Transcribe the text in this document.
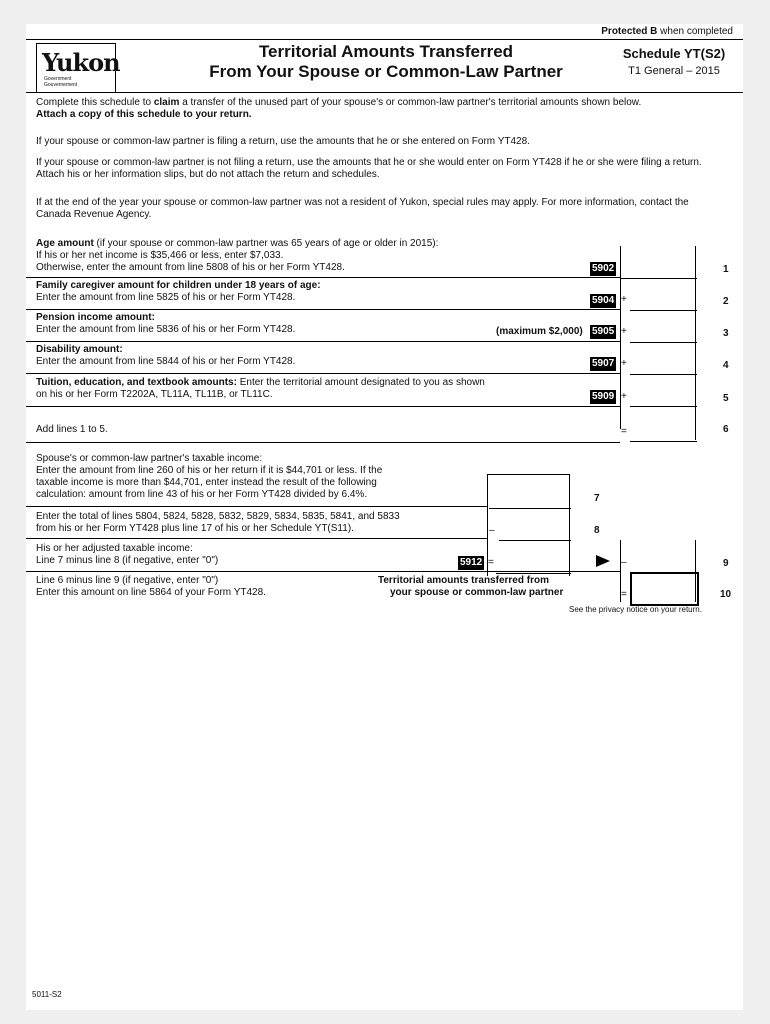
Protected B when completed
Yukon
Government
Gouvernement
Territorial Amounts Transferred
From Your Spouse or Common-Law Partner
Schedule YT(S2)
T1 General – 2015

Complete this schedule to claim a transfer of the unused part of your spouse's or common-law partner's territorial amounts shown below.
Attach a copy of this schedule to your return.

If your spouse or common-law partner is filing a return, use the amounts that he or she entered on Form YT428.

If your spouse or common-law partner is not filing a return, use the amounts that he or she would enter on Form YT428 if he or she were filing a return. Attach his or her information slips, but do not attach the return and schedules.

If at the end of the year your spouse or common-law partner was not a resident of Yukon, special rules may apply. For more information, contact the Canada Revenue Agency.

Age amount (if your spouse or common-law partner was 65 years of age or older in 2015):
If his or her net income is $35,466 or less, enter $7,033.
Otherwise, enter the amount from line 5808 of his or her Form YT428.	5902	1
Family caregiver amount for children under 18 years of age:
Enter the amount from line 5825 of his or her Form YT428.	5904 +	2
Pension income amount:
Enter the amount from line 5836 of his or her Form YT428.	(maximum $2,000) 5905 +	3
Disability amount:
Enter the amount from line 5844 of his or her Form YT428.	5907 +	4
Tuition, education, and textbook amounts: Enter the territorial amount designated to you as shown
on his or her Form T2202A, TL11A, TL11B, or TL11C.	5909 +	5
Add lines 1 to 5.	=	6
Spouse's or common-law partner's taxable income:
Enter the amount from line 260 of his or her return if it is $44,701 or less. If the
taxable income is more than $44,701, enter instead the result of the following
calculation: amount from line 43 of his or her Form YT428 divided by 6.4%.	7
Enter the total of lines 5804, 5824, 5828, 5832, 5829, 5834, 5835, 5841, and 5833
from his or her Form YT428 plus line 17 of his or her Schedule YT(S11).	–	8
His or her adjusted taxable income:
Line 7 minus line 8 (if negative, enter "0")	5912 =	–	9
Line 6 minus line 9 (if negative, enter "0")
Enter this amount on line 5864 of your Form YT428.
Territorial amounts transferred from
your spouse or common-law partner	=	10
See the privacy notice on your return.
5011-S2
